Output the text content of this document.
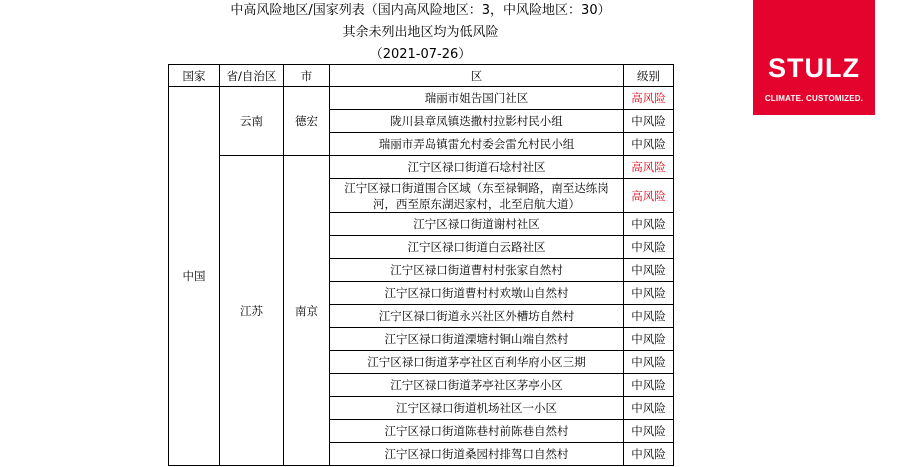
中高风险地区/国家列表（国内高风险地区：3，中风险地区：30）
其余未列出地区均为低风险
（2021-07-26）
国家	省/自治区	市	区	级别
中国	云南	德宏	瑞丽市姐告国门社区	高风险
			陇川县章凤镇迭撒村拉影村民小组	中风险
			瑞丽市弄岛镇雷允村委会雷允村民小组	中风险
	江苏	南京	江宁区禄口街道石埝村社区	高风险
			江宁区禄口街道围合区域（东至禄铜路，南至达练岗河，西至原东湖迟家村，北至启航大道）	高风险
			江宁区禄口街道谢村社区	中风险
			江宁区禄口街道白云路社区	中风险
			江宁区禄口街道曹村村张家自然村	中风险
			江宁区禄口街道曹村村欢墩山自然村	中风险
			江宁区禄口街道永兴社区外槽坊自然村	中风险
			江宁区禄口街道溧塘村铜山端自然村	中风险
			江宁区禄口街道茅亭社区百利华府小区三期	中风险
			江宁区禄口街道茅亭社区茅亭小区	中风险
			江宁区禄口街道机场社区一小区	中风险
			江宁区禄口街道陈巷村前陈巷自然村	中风险
			江宁区禄口街道桑园村排驾口自然村	中风险
STULZ
CLIMATE. CUSTOMIZED.
